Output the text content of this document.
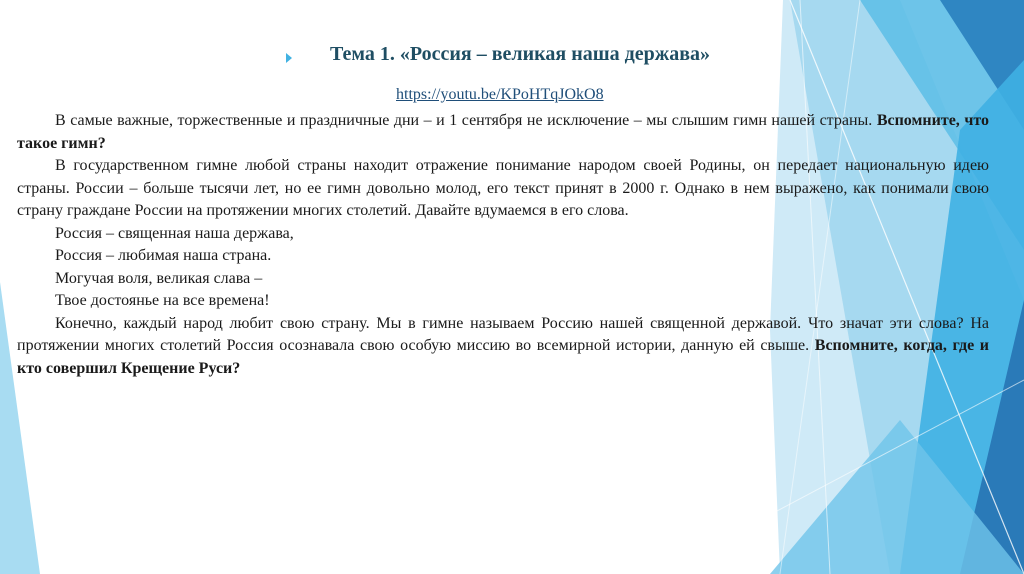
Тема 1. «Россия – великая наша держава»
https://youtu.be/KPoHTqJOkO8

В самые важные, торжественные и праздничные дни – и 1 сентября не исключение – мы слышим гимн нашей страны. Вспомните, что такое гимн?

В государственном гимне любой страны находит отражение понимание народом своей Родины, он передает национальную идею страны. России – больше тысячи лет, но ее гимн довольно молод, его текст принят в 2000 г. Однако в нем выражено, как понимали свою страну граждане России на протяжении многих столетий. Давайте вдумаемся в его слова.

Россия – священная наша держава,

Россия – любимая наша страна.

Могучая воля, великая слава –

Твое достоянье на все времена!

Конечно, каждый народ любит свою страну. Мы в гимне называем Россию нашей священной державой. Что значат эти слова? На протяжении многих столетий Россия осознавала свою особую миссию во всемирной истории, данную ей свыше. Вспомните, когда, где и кто совершил Крещение Руси?
